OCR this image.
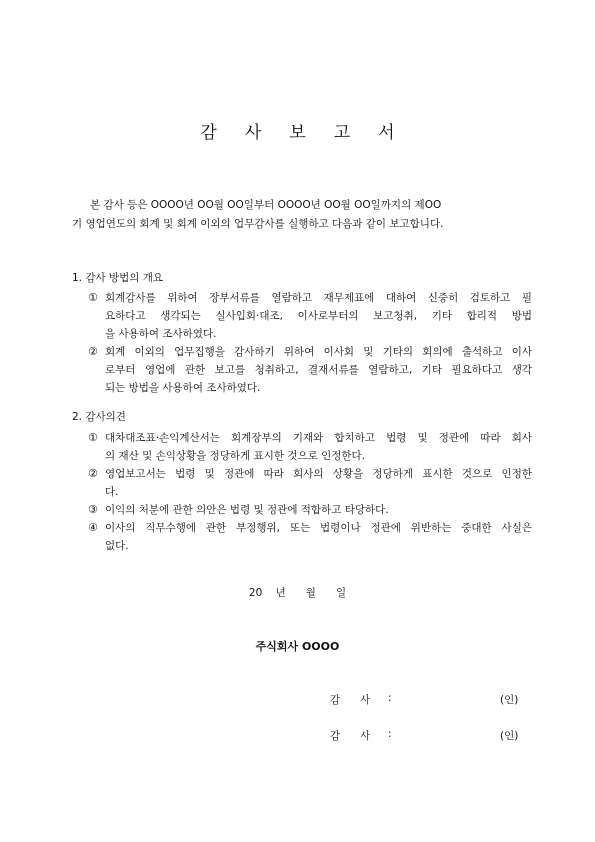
감 사 보 고 서
본 감사 등은 OOOO년 OO월 OO일부터 OOOO년 OO월 OO일까지의 제OO
기 영업연도의 회계 및 회계 이외의 업무감사를 실행하고 다음과 같이 보고합니다.
1. 감사 방법의 개요
① 회계감사를 위하여 장부서류를 열람하고 재무제표에 대하여 신중히 검토하고 필
요하다고 생각되는 실사입회·대조, 이사로부터의 보고청취, 기타 합리적 방법
을 사용하여 조사하였다.
② 회계 이외의 업무집행을 감사하기 위하여 이사회 및 기타의 회의에 출석하고 이사
로부터 영업에 관한 보고를 청취하고, 결재서류를 열람하고, 기타 필요하다고 생각
되는 방법을 사용하여 조사하였다.
2. 감사의견
① 대차대조표·손익계산서는 회계장부의 기재와 합치하고 법령 및 정관에 따라 회사
의 재산 및 손익상황을 정당하게 표시한 것으로 인정한다.
② 영업보고서는 법령 및 정관에 따라 회사의 상황을 정당하게 표시한 것으로 인정한
다.
③ 이익의 처분에 관한 의안은 법령 및 정관에 적합하고 타당하다.
④ 이사의 직무수행에 관한 부정행위, 또는 법령이나 정관에 위반하는 중대한 사실은
없다.
20    년      월      일
주식회사 OOOO
감      사 :	(인)
감      사 :	(인)
